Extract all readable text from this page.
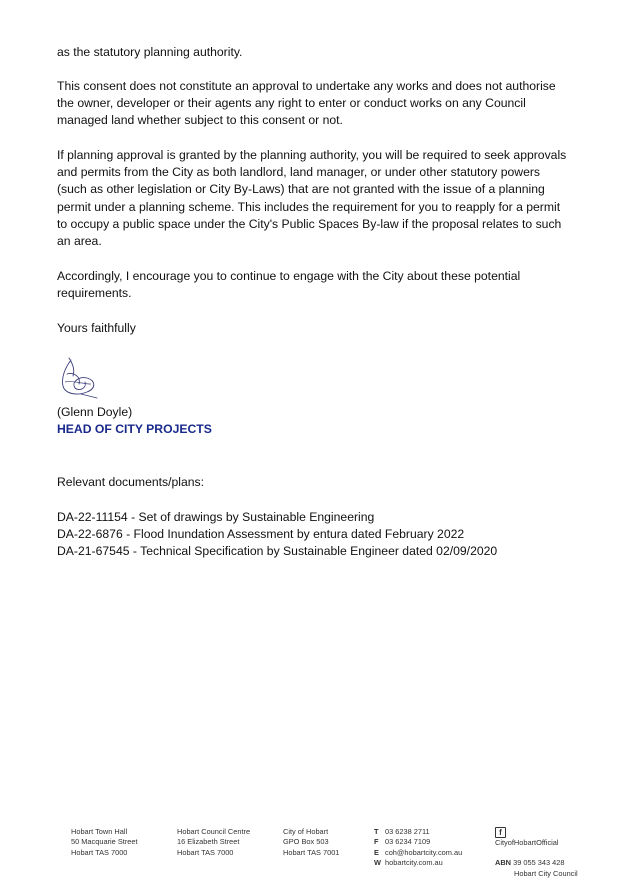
as the statutory planning authority.

This consent does not constitute an approval to undertake any works and does not authorise
the owner, developer or their agents any right to enter or conduct works on any Council
managed land whether subject to this consent or not.

If planning approval is granted by the planning authority, you will be required to seek approvals
and permits from the City as both landlord, land manager, or under other statutory powers
(such as other legislation or City By-Laws) that are not granted with the issue of a planning
permit under a planning scheme. This includes the requirement for you to reapply for a permit
to occupy a public space under the City's Public Spaces By-law if the proposal relates to such
an area.

Accordingly, I encourage you to continue to engage with the City about these potential
requirements.

Yours faithfully

(Glenn Doyle)
HEAD OF CITY PROJECTS

Relevant documents/plans:

DA-22-11154 - Set of drawings by Sustainable Engineering
DA-22-6876 - Flood Inundation Assessment by entura dated February 2022
DA-21-67545 - Technical Specification by Sustainable Engineer dated 02/09/2020

Hobart Town Hall
50 Macquarie Street
Hobart TAS 7000
Hobart Council Centre
16 Elizabeth Street
Hobart TAS 7000
City of Hobart
GPO Box 503
Hobart TAS 7001
T 03 6238 2711
F 03 6234 7109
E coh@hobartcity.com.au
W hobartcity.com.au
f
CityofHobartOfficial
ABN 39 055 343 428
Hobart City Council
